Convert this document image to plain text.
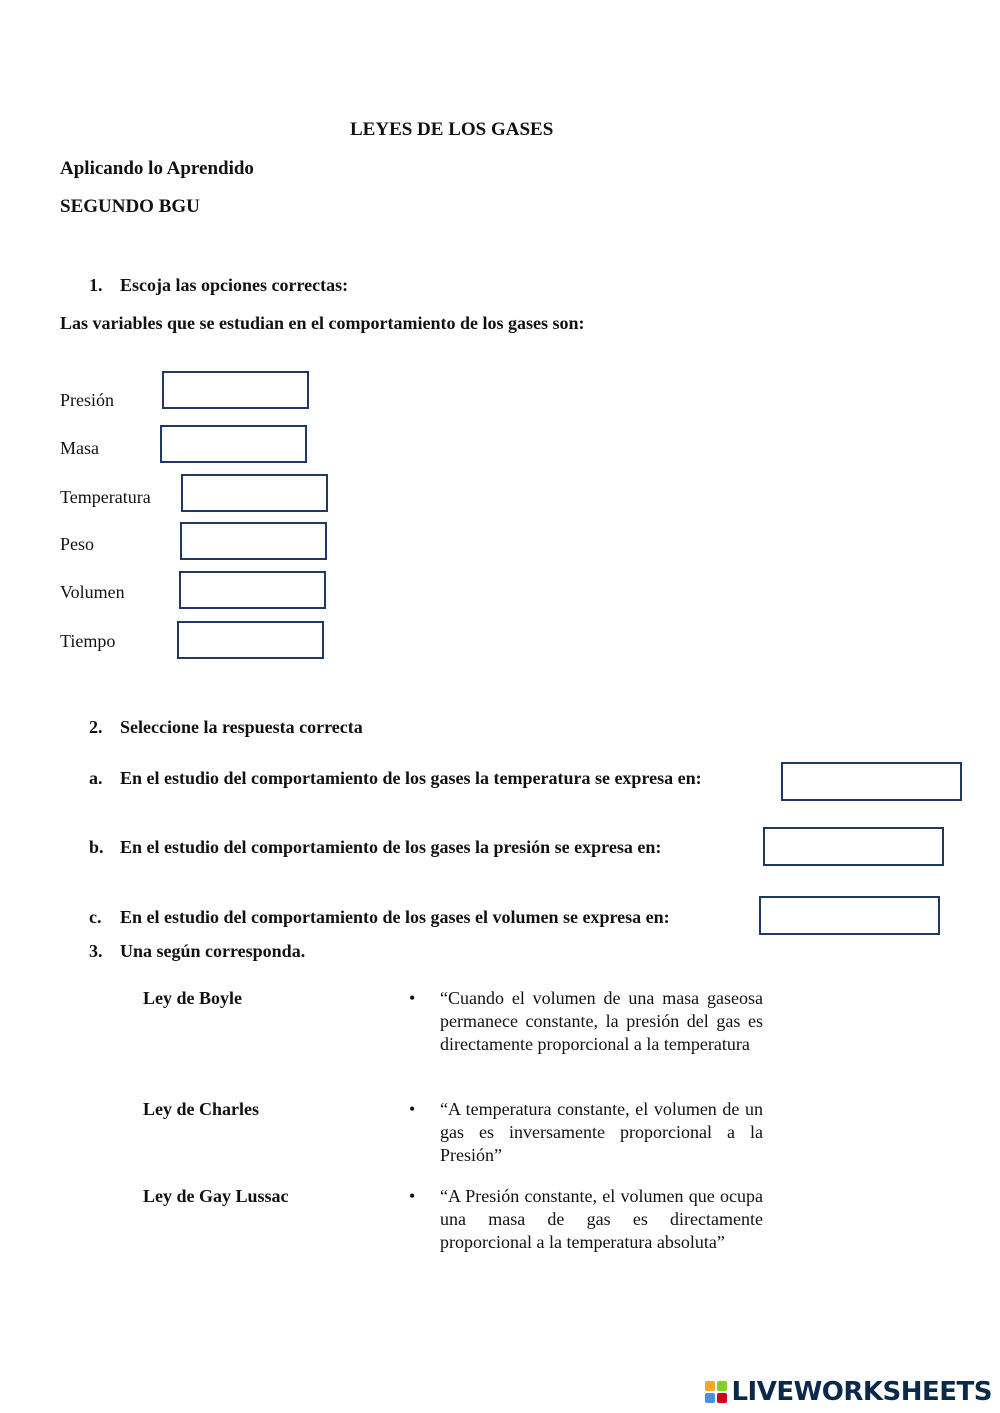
LEYES DE LOS GASES
Aplicando lo Aprendido
SEGUNDO BGU
1. Escoja las opciones correctas:
Las variables que se estudian en el comportamiento de los gases son:
Presión
Masa
Temperatura
Peso
Volumen
Tiempo
2. Seleccione la respuesta correcta
a. En el estudio del comportamiento de los gases la temperatura se expresa en:
b. En el estudio del comportamiento de los gases la presión se expresa en:
c. En el estudio del comportamiento de los gases el volumen se expresa en:
3. Una según corresponda.
Ley de Boyle	• “Cuando el volumen de una masa gaseosa permanece constante, la presión del gas es directamente proporcional a la temperatura
Ley de Charles	• “A temperatura constante, el volumen de un gas es inversamente proporcional a la Presión”
Ley de Gay Lussac	• “A Presión constante, el volumen que ocupa una masa de gas es directamente proporcional a la temperatura absoluta”
LIVEWORKSHEETS
